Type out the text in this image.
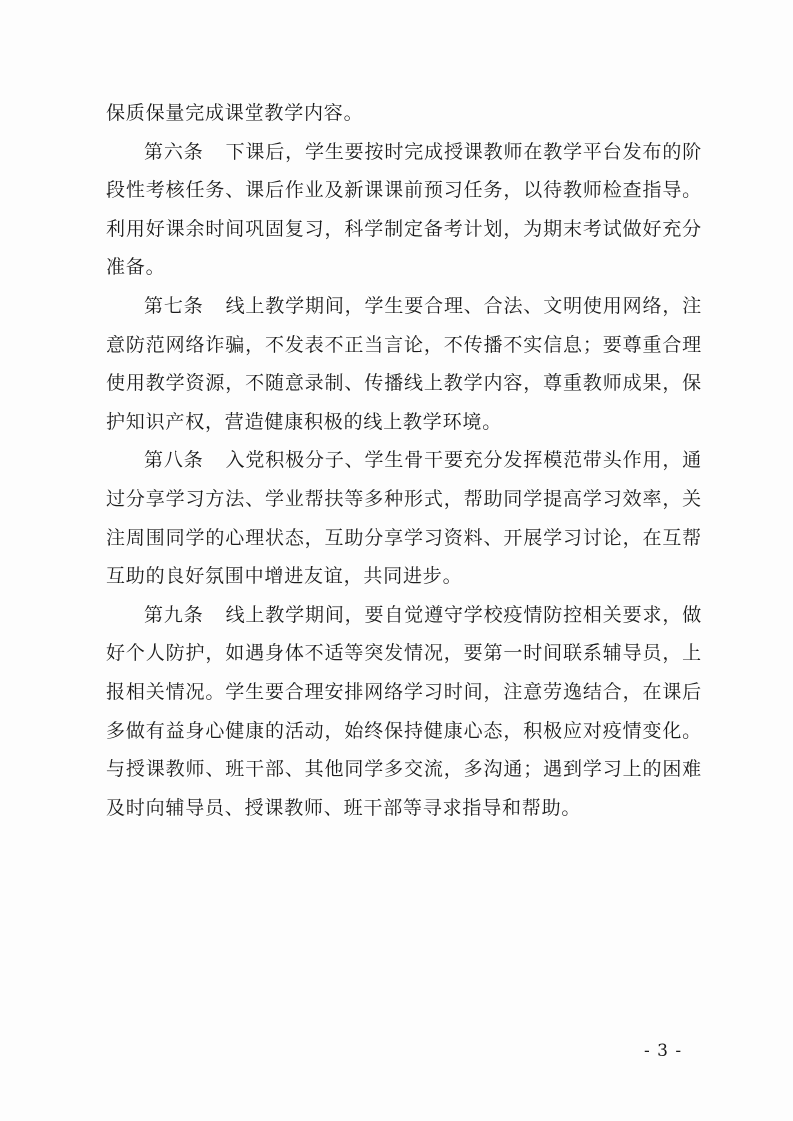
保质保量完成课堂教学内容。

第六条 下课后，学生要按时完成授课教师在教学平台发布的阶段性考核任务、课后作业及新课课前预习任务，以待教师检查指导。利用好课余时间巩固复习，科学制定备考计划，为期末考试做好充分准备。

第七条 线上教学期间，学生要合理、合法、文明使用网络，注意防范网络诈骗，不发表不正当言论，不传播不实信息；要尊重合理使用教学资源，不随意录制、传播线上教学内容，尊重教师成果，保护知识产权，营造健康积极的线上教学环境。

第八条 入党积极分子、学生骨干要充分发挥模范带头作用，通过分享学习方法、学业帮扶等多种形式，帮助同学提高学习效率，关注周围同学的心理状态，互助分享学习资料、开展学习讨论，在互帮互助的良好氛围中增进友谊，共同进步。

第九条 线上教学期间，要自觉遵守学校疫情防控相关要求，做好个人防护，如遇身体不适等突发情况，要第一时间联系辅导员，上报相关情况。学生要合理安排网络学习时间，注意劳逸结合，在课后多做有益身心健康的活动，始终保持健康心态，积极应对疫情变化。与授课教师、班干部、其他同学多交流，多沟通；遇到学习上的困难及时向辅导员、授课教师、班干部等寻求指导和帮助。

- 3 -
